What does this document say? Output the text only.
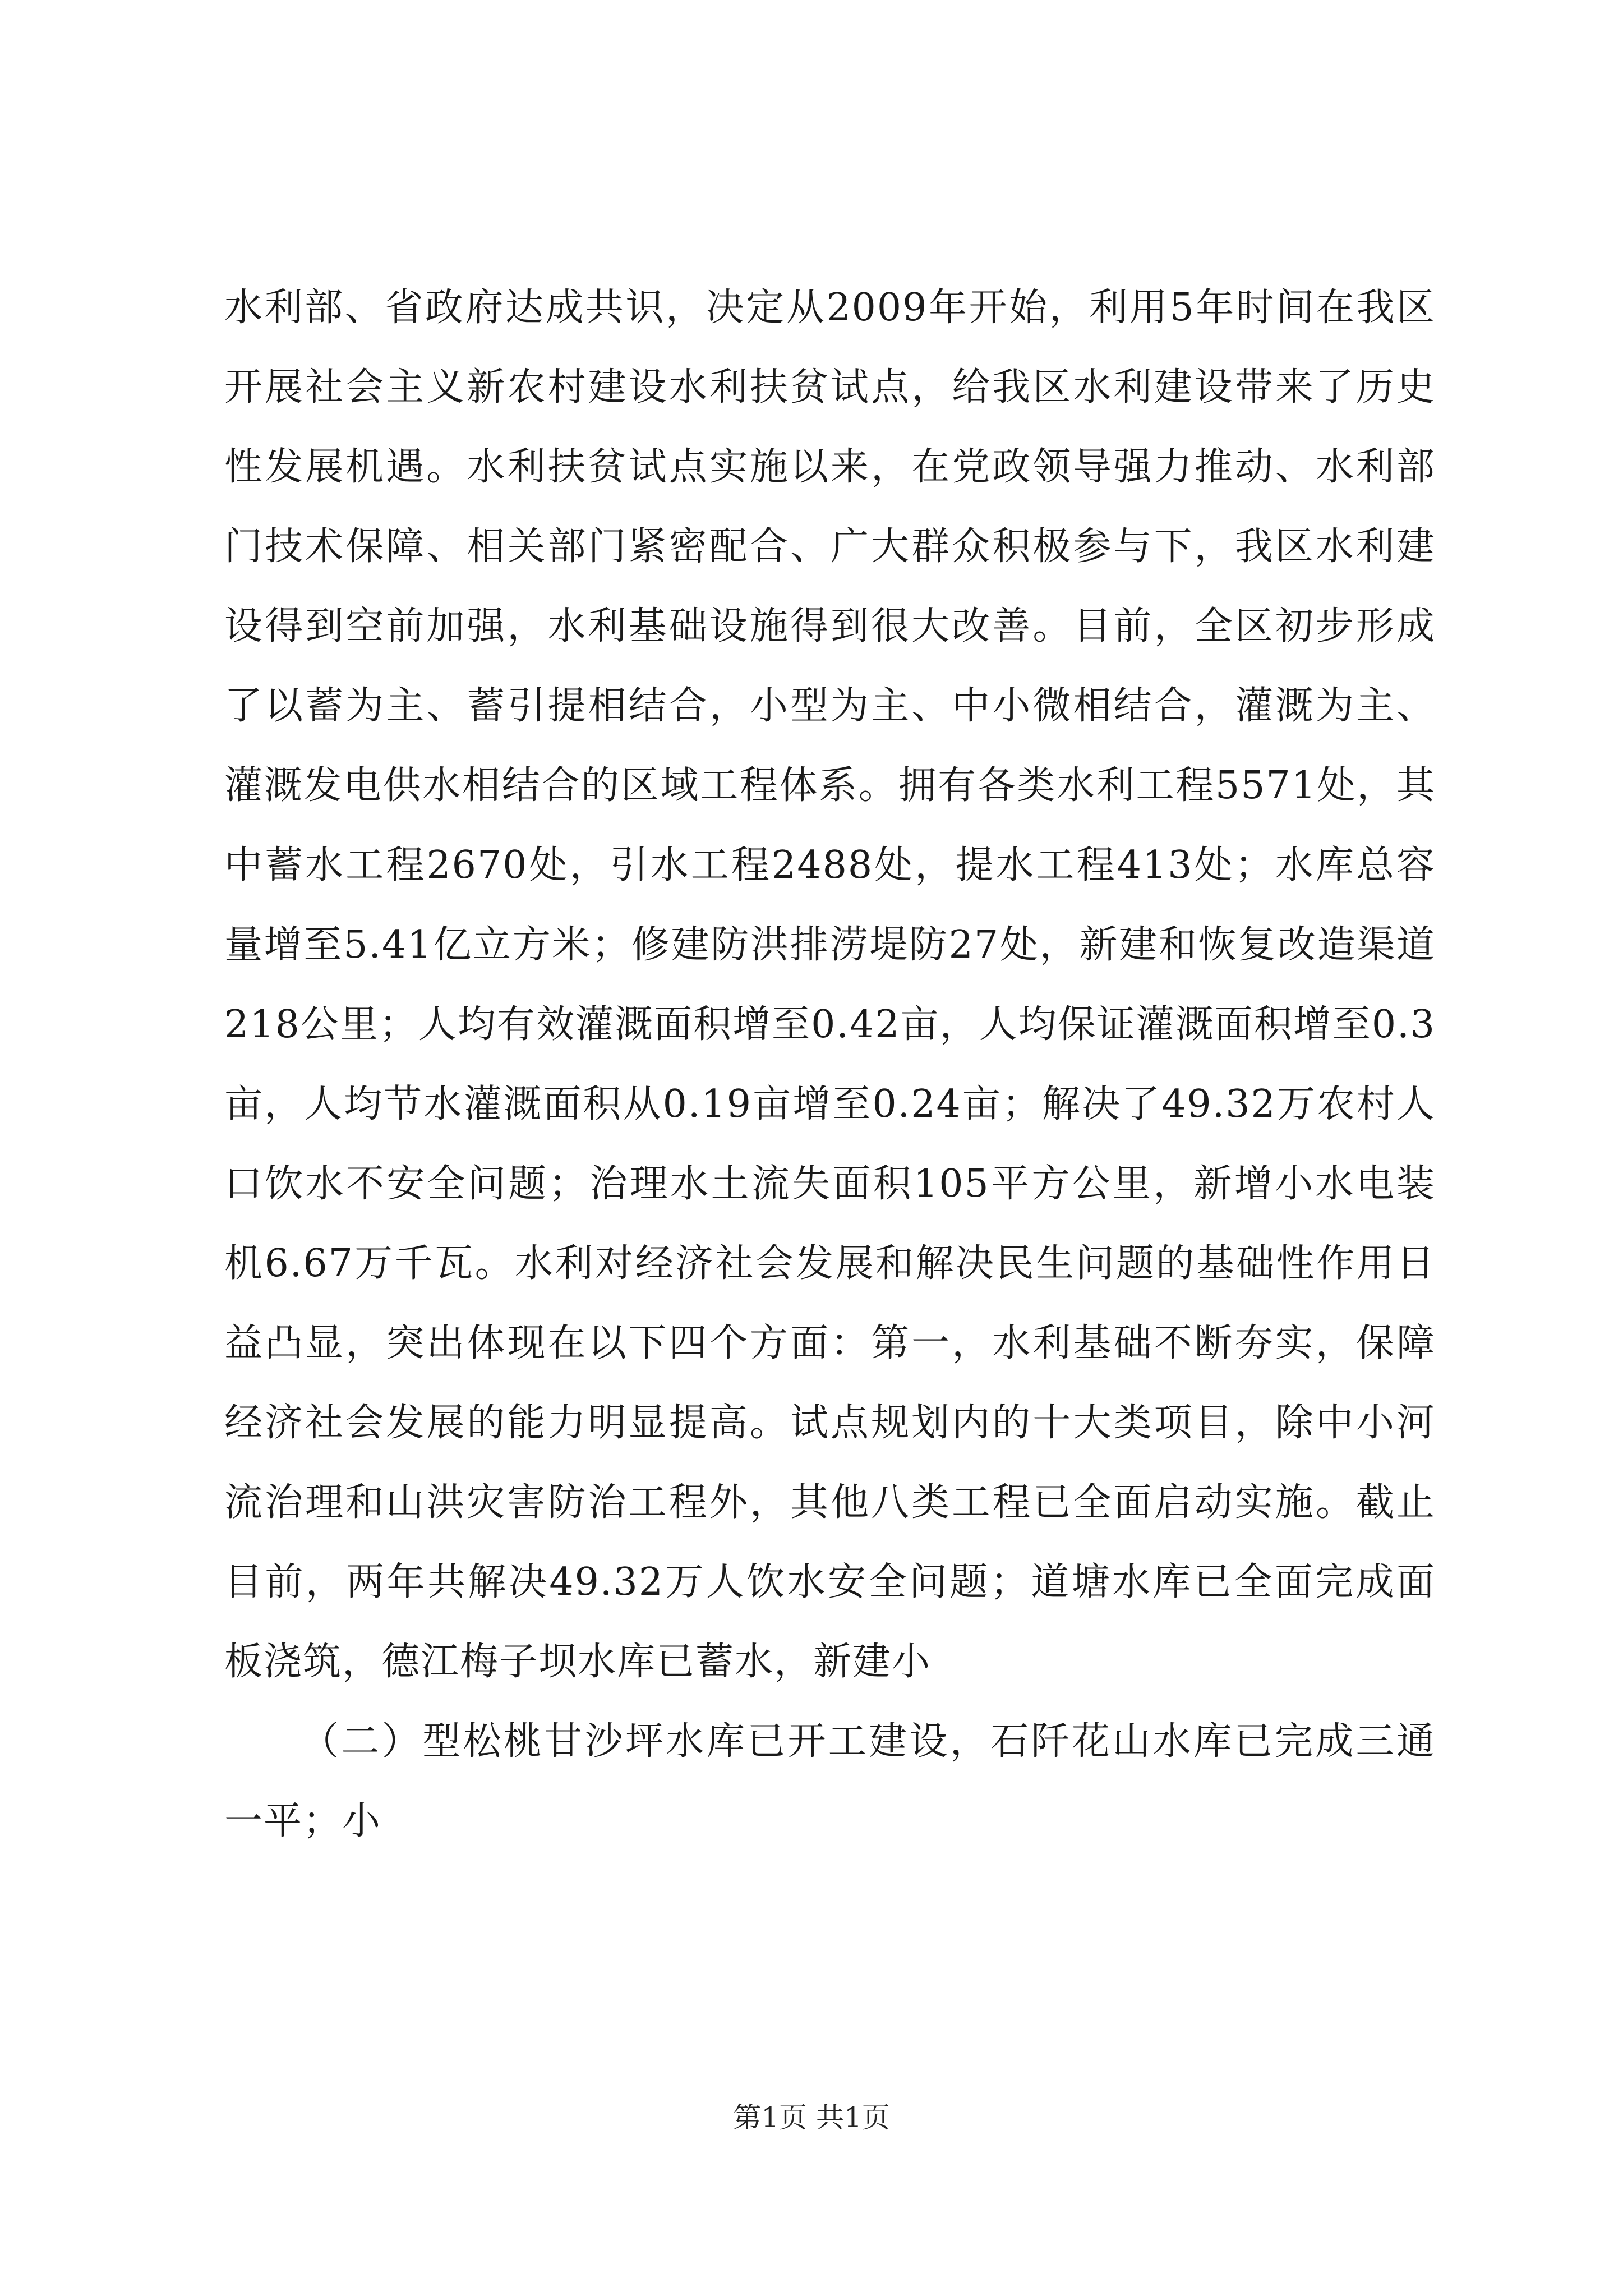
水利部、省政府达成共识，决定从2009年开始，利用5年时间在我区开展社会主义新农村建设水利扶贫试点，给我区水利建设带来了历史性发展机遇。水利扶贫试点实施以来，在党政领导强力推动、水利部门技术保障、相关部门紧密配合、广大群众积极参与下，我区水利建设得到空前加强，水利基础设施得到很大改善。目前，全区初步形成了以蓄为主、蓄引提相结合，小型为主、中小微相结合，灌溉为主、灌溉发电供水相结合的区域工程体系。拥有各类水利工程5571处，其中蓄水工程2670处，引水工程2488处，提水工程413处；水库总容量增至5.41亿立方米；修建防洪排涝堤防27处，新建和恢复改造渠道218公里；人均有效灌溉面积增至0.42亩，人均保证灌溉面积增至0.3亩，人均节水灌溉面积从0.19亩增至0.24亩；解决了49.32万农村人口饮水不安全问题；治理水土流失面积105平方公里，新增小水电装机6.67万千瓦。水利对经济社会发展和解决民生问题的基础性作用日益凸显，突出体现在以下四个方面：第一，水利基础不断夯实，保障经济社会发展的能力明显提高。试点规划内的十大类项目，除中小河流治理和山洪灾害防治工程外，其他八类工程已全面启动实施。截止目前，两年共解决49.32万人饮水安全问题；道塘水库已全面完成面板浇筑，德江梅子坝水库已蓄水，新建小

（二）型松桃甘沙坪水库已开工建设，石阡花山水库已完成三通一平；小

第1页 共1页
